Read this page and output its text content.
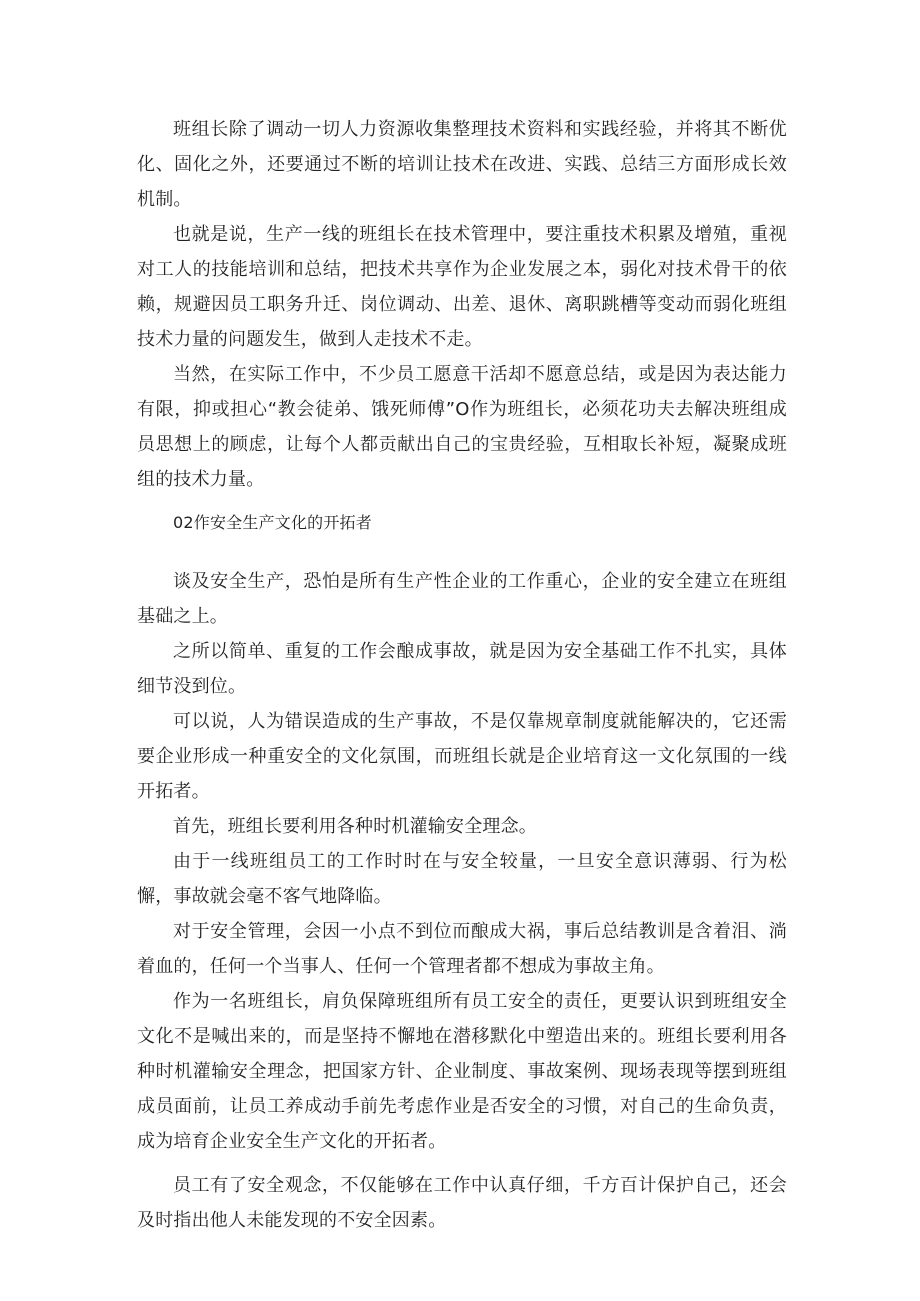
班组长除了调动一切人力资源收集整理技术资料和实践经验，并将其不断优化、固化之外，还要通过不断的培训让技术在改进、实践、总结三方面形成长效机制。

也就是说，生产一线的班组长在技术管理中，要注重技术积累及增殖，重视对工人的技能培训和总结，把技术共享作为企业发展之本，弱化对技术骨干的依赖，规避因员工职务升迁、岗位调动、出差、退休、离职跳槽等变动而弱化班组技术力量的问题发生，做到人走技术不走。

当然，在实际工作中，不少员工愿意干活却不愿意总结，或是因为表达能力有限，抑或担心“教会徒弟、饿死师傅”O作为班组长，必须花功夫去解决班组成员思想上的顾虑，让每个人都贡献出自己的宝贵经验，互相取长补短，凝聚成班组的技术力量。

02作安全生产文化的开拓者

谈及安全生产，恐怕是所有生产性企业的工作重心，企业的安全建立在班组基础之上。

之所以简单、重复的工作会酿成事故，就是因为安全基础工作不扎实，具体细节没到位。

可以说，人为错误造成的生产事故，不是仅靠规章制度就能解决的，它还需要企业形成一种重安全的文化氛围，而班组长就是企业培育这一文化氛围的一线开拓者。

首先，班组长要利用各种时机灌输安全理念。

由于一线班组员工的工作时时在与安全较量，一旦安全意识薄弱、行为松懈，事故就会毫不客气地降临。

对于安全管理，会因一小点不到位而酿成大祸，事后总结教训是含着泪、淌着血的，任何一个当事人、任何一个管理者都不想成为事故主角。

作为一名班组长，肩负保障班组所有员工安全的责任，更要认识到班组安全文化不是喊出来的，而是坚持不懈地在潜移默化中塑造出来的。班组长要利用各种时机灌输安全理念，把国家方针、企业制度、事故案例、现场表现等摆到班组成员面前，让员工养成动手前先考虑作业是否安全的习惯，对自己的生命负责，成为培育企业安全生产文化的开拓者。

员工有了安全观念，不仅能够在工作中认真仔细，千方百计保护自己，还会及时指出他人未能发现的不安全因素。
